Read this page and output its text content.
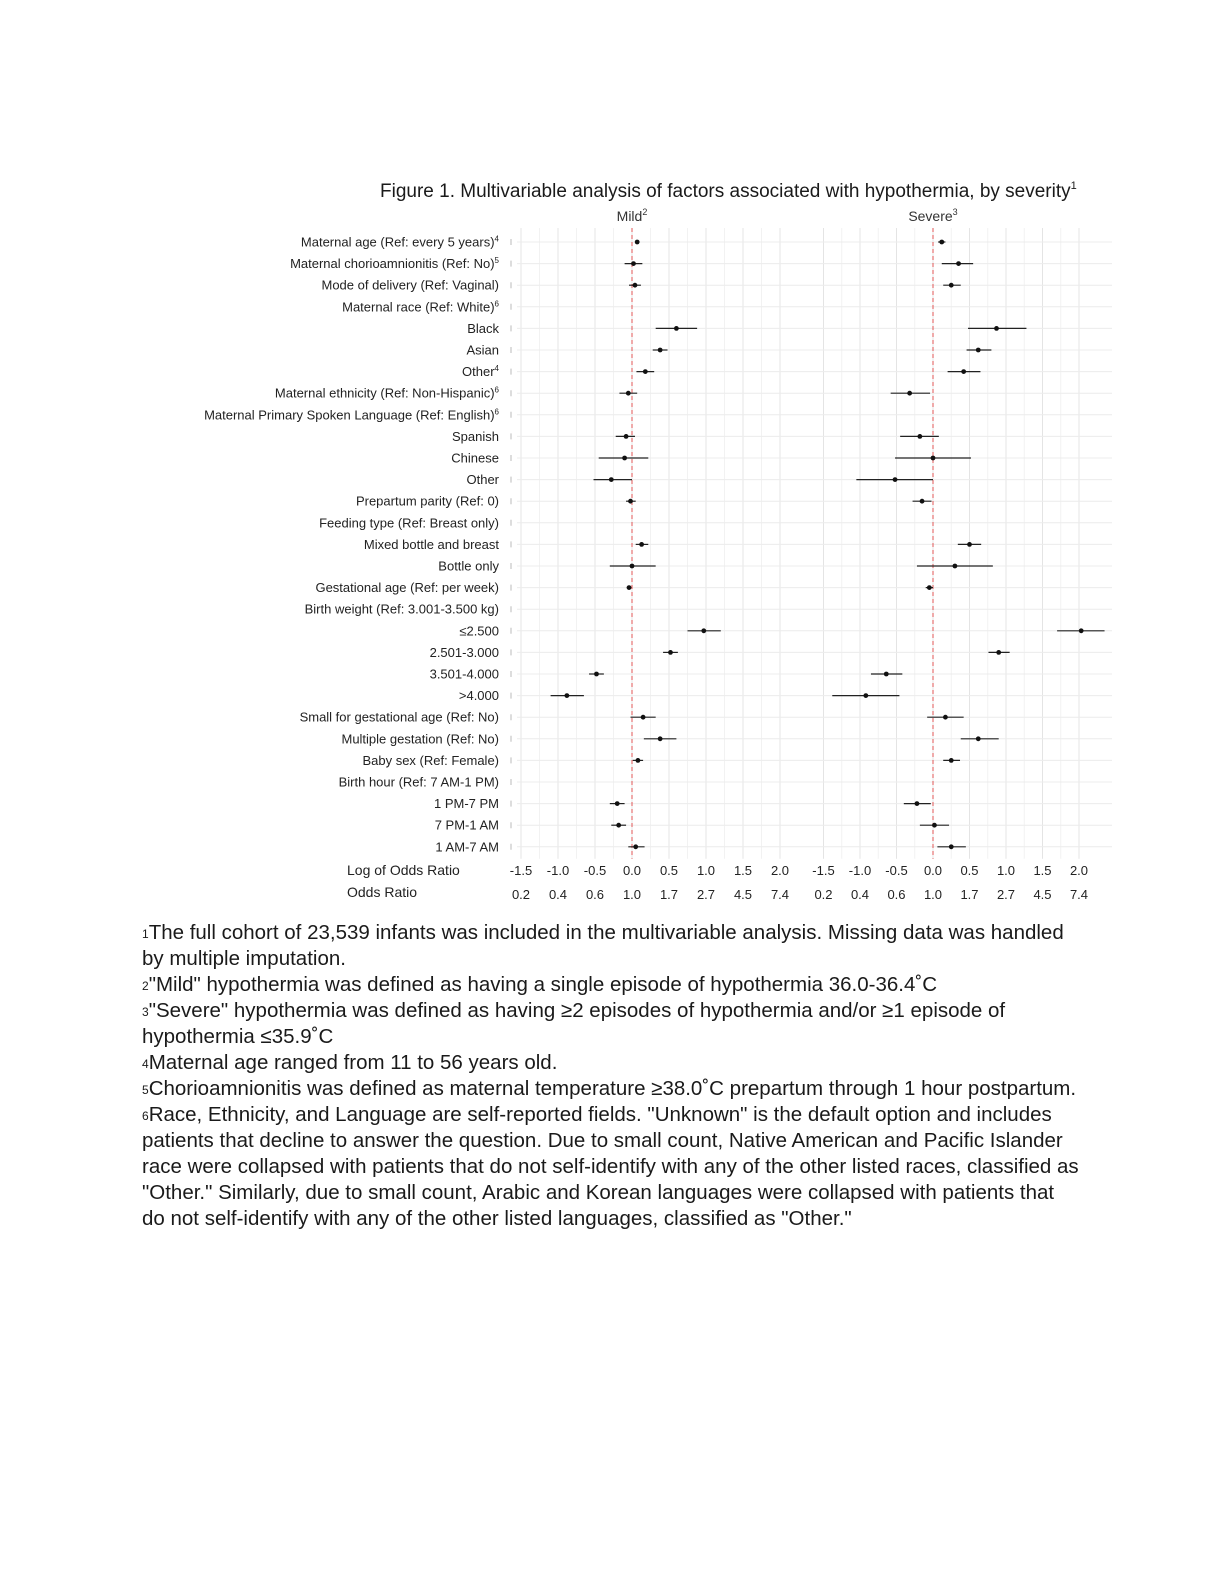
Figure 1. Multivariable analysis of factors associated with hypothermia, by severity$^1$
Mild$^2$
-1.5
0.2
-1.0
0.4
-0.5
0.6
0.0
1.0
0.5
1.7
1.0
2.7
1.5
4.5
2.0
7.4
Severe$^3$
-1.5
0.2
-1.0
0.4
-0.5
0.6
0.0
1.0
0.5
1.7
1.0
2.7
1.5
4.5
2.0
7.4
Maternal age (Ref: every 5 years)$^4$
Maternal chorioamnionitis (Ref: No)$^5$
Mode of delivery (Ref: Vaginal)
Maternal race (Ref: White)$^6$
Black
Asian
Other$^4$
Maternal ethnicity (Ref: Non-Hispanic)$^6$
Maternal Primary Spoken Language (Ref: English)$^6$
Spanish
Chinese
Other
Prepartum parity (Ref: 0)
Feeding type (Ref: Breast only)
Mixed bottle and breast
Bottle only
Gestational age (Ref: per week)
Birth weight (Ref: 3.001-3.500 kg)
≤2.500
2.501-3.000
3.501-4.000
>4.000
Small for gestational age (Ref: No)
Multiple gestation (Ref: No)
Baby sex (Ref: Female)
Birth hour (Ref: 7 AM-1 PM)
1 PM-7 PM
7 PM-1 AM
1 AM-7 AM
Log of Odds Ratio
Odds Ratio

$^1$The full cohort of 23,539 infants was included in the multivariable analysis. Missing data was handled by multiple imputation.

$^2$"Mild" hypothermia was defined as having a single episode of hypothermia 36.0-36.4˚C

$^3$"Severe" hypothermia was defined as having ≥2 episodes of hypothermia and/or ≥1 episode of hypothermia ≤35.9˚C

$^4$Maternal age ranged from 11 to 56 years old.

$^5$Chorioamnionitis was defined as maternal temperature ≥38.0˚C prepartum through 1 hour postpartum.

$^6$Race, Ethnicity, and Language are self-reported fields. "Unknown" is the default option and includes patients that decline to answer the question. Due to small count, Native American and Pacific Islander race were collapsed with patients that do not self-identify with any of the other listed races, classified as "Other." Similarly, due to small count, Arabic and Korean languages were collapsed with patients that do not self-identify with any of the other listed languages, classified as "Other."
